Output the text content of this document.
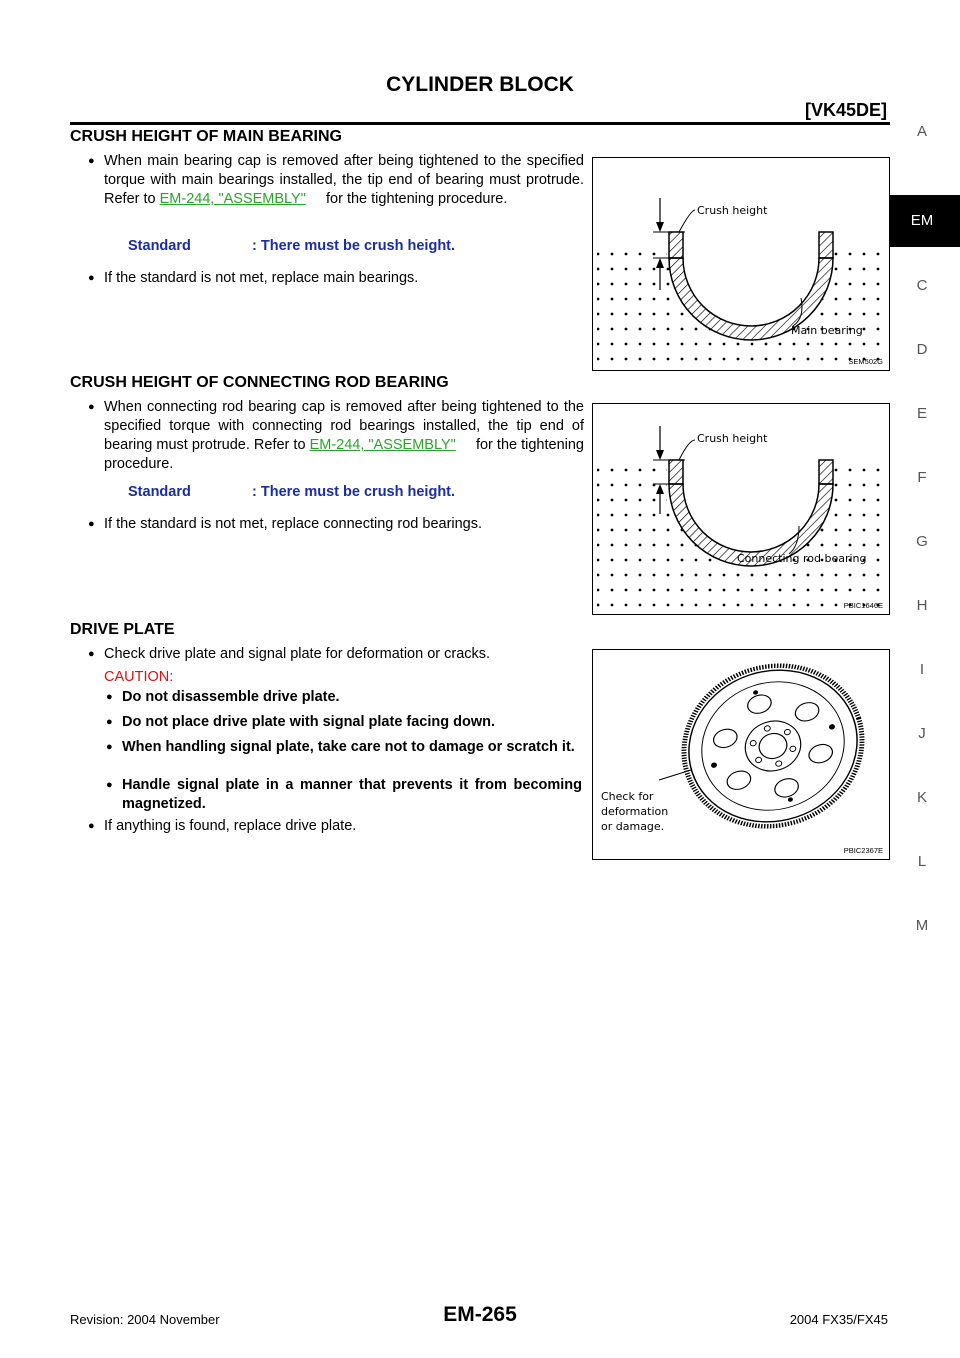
CYLINDER BLOCK
[VK45DE]
A
EM
C
D
E
F
G
H
I
J
K
L
M
CRUSH HEIGHT OF MAIN BEARING
● When main bearing cap is removed after being tightened to the specified torque with main bearings installed, the tip end of bearing must protrude. Refer to EM-244, "ASSEMBLY" for the tightening procedure.
Standard	: There must be crush height.
● If the standard is not met, replace main bearings.
Crush height
Main bearing
SEM502G
CRUSH HEIGHT OF CONNECTING ROD BEARING
● When connecting rod bearing cap is removed after being tightened to the specified torque with connecting rod bearings installed, the tip end of bearing must protrude. Refer to EM-244, "ASSEMBLY" for the tightening procedure.
Standard	: There must be crush height.
● If the standard is not met, replace connecting rod bearings.
Crush height
Connecting rod bearing
PBIC1646E
DRIVE PLATE
● Check drive plate and signal plate for deformation or cracks.
CAUTION:
● Do not disassemble drive plate.
● Do not place drive plate with signal plate facing down.
● When handling signal plate, take care not to damage or scratch it.
● Handle signal plate in a manner that prevents it from becoming magnetized.
● If anything is found, replace drive plate.
Check for
deformation
or damage.
PBIC2367E
Revision: 2004 November	EM-265	2004 FX35/FX45
